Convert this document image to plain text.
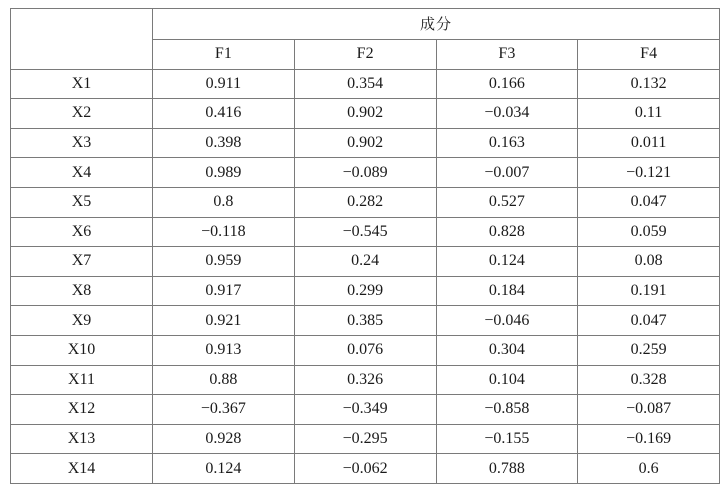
	成分			
	F1	F2	F3	F4
X1	0.911	0.354	0.166	0.132
X2	0.416	0.902	−0.034	0.11
X3	0.398	0.902	0.163	0.011
X4	0.989	−0.089	−0.007	−0.121
X5	0.8	0.282	0.527	0.047
X6	−0.118	−0.545	0.828	0.059
X7	0.959	0.24	0.124	0.08
X8	0.917	0.299	0.184	0.191
X9	0.921	0.385	−0.046	0.047
X10	0.913	0.076	0.304	0.259
X11	0.88	0.326	0.104	0.328
X12	−0.367	−0.349	−0.858	−0.087
X13	0.928	−0.295	−0.155	−0.169
X14	0.124	−0.062	0.788	0.6
